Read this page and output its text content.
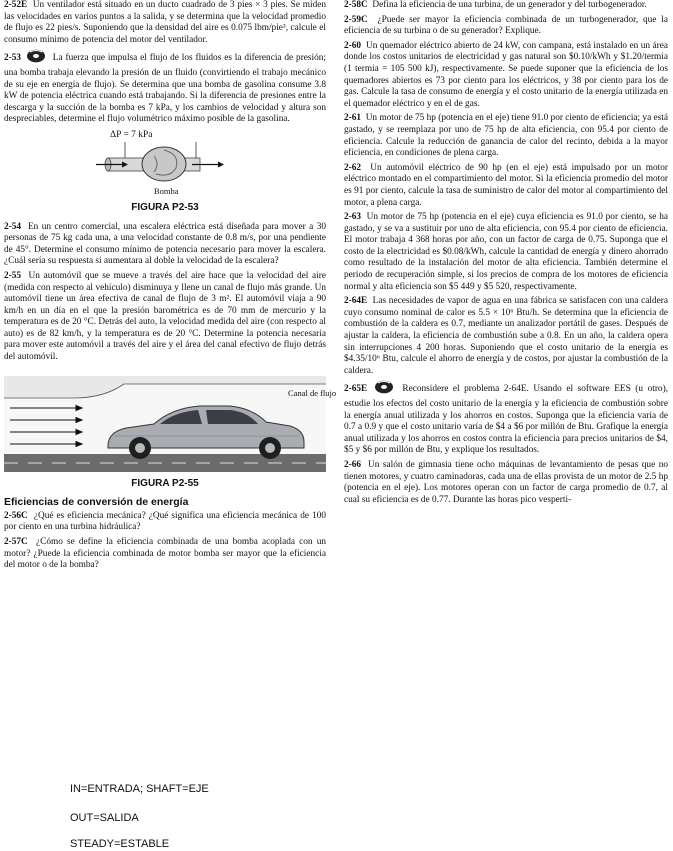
2-52E Un ventilador está situado en un ducto cuadrado de 3 pies × 3 pies. Se miden las velocidades en varios puntos a la salida, y se determina que la velocidad promedio de flujo es 22 pies/s. Suponiendo que la densidad del aire es 0.075 lbm/pie³, calcule el consumo mínimo de potencia del motor del ventilador.

2-53	La fuerza que impulsa el flujo de los fluidos es la diferencia de presión; una bomba trabaja elevando la presión de un fluido (convirtiendo el trabajo mecánico de su eje en energía de flujo). Se determina que una bomba de gasolina consume 3.8 kW de potencia eléctrica cuando está trabajando. Si la diferencia de presiones entre la descarga y la succión de la bomba es 7 kPa, y los cambios de velocidad y altura son despreciables, determine el flujo volumétrico máximo posible de la gasolina.

ΔP = 7 kPa
Bomba
FIGURA P2-53

2-54 En un centro comercial, una escalera eléctrica está diseñada para mover a 30 personas de 75 kg cada una, a una velocidad constante de 0.8 m/s, por una pendiente de 45°. Determine el consumo mínimo de potencia necesario para mover la escalera. ¿Cuál sería su respuesta si aumentara al doble la velocidad de la escalera?

2-55 Un automóvil que se mueve a través del aire hace que la velocidad del aire (medida con respecto al vehículo) disminuya y llene un canal de flujo más grande. Un automóvil tiene un área efectiva de canal de flujo de 3 m². El automóvil viaja a 90 km/h en un día en el que la presión barométrica es de 70 mm de mercurio y la temperatura es de 20 °C. Detrás del auto, la velocidad medida del aire (con respecto al auto) es de 82 km/h, y la temperatura es de 20 °C. Determine la potencia necesaria para mover este automóvil a través del aire y el área del canal efectivo de flujo detrás del automóvil.

Canal de flujo
FIGURA P2-55
Eficiencias de conversión de energía

2-56C ¿Qué es eficiencia mecánica? ¿Qué significa una eficiencia mecánica de 100 por ciento en una turbina hidráulica?

2-57C ¿Cómo se define la eficiencia combinada de una bomba acoplada con un motor? ¿Puede la eficiencia combinada de motor bomba ser mayor que la eficiencia del motor o de la bomba?

2-58C Defina la eficiencia de una turbina, de un generador y del turbogenerador.

2-59C ¿Puede ser mayor la eficiencia combinada de un turbogenerador, que la eficiencia de su turbina o de su generador? Explique.

2-60 Un quemador eléctrico abierto de 24 kW, con campana, está instalado en un área donde los costos unitarios de electricidad y gas natural son $0.10/kWh y $1.20/termia (1 termia = 105 500 kJ), respectivamente. Se puede suponer que la eficiencia de los quemadores abiertos es 73 por ciento para los eléctricos, y 38 por ciento para los de gas. Calcule la tasa de consumo de energía y el costo unitario de la energía utilizada en el quemador eléctrico y en el de gas.

2-61 Un motor de 75 hp (potencia en el eje) tiene 91.0 por ciento de eficiencia; ya está gastado, y se reemplaza por uno de 75 hp de alta eficiencia, con 95.4 por ciento de eficiencia. Calcule la reducción de ganancia de calor del recinto, debida a la mayor eficiencia, en condiciones de plena carga.

2-62 Un automóvil eléctrico de 90 hp (en el eje) está impulsado por un motor eléctrico montado en el compartimiento del motor. Si la eficiencia promedio del motor es 91 por ciento, calcule la tasa de suministro de calor del motor al compartimiento del motor, a plena carga.

2-63 Un motor de 75 hp (potencia en el eje) cuya eficiencia es 91.0 por ciento, se ha gastado, y se va a sustituir por uno de alta eficiencia, con 95.4 por ciento de eficiencia. El motor trabaja 4 368 horas por año, con un factor de carga de 0.75. Suponga que el costo de la electricidad es $0.08/kWh, calcule la cantidad de energía y dinero ahorrado como resultado de la instalación del motor de alta eficiencia. También determine el periodo de recuperación simple, si los precios de compra de los motores de eficiencia normal y alta eficiencia son $5 449 y $5 520, respectivamente.

2-64E Las necesidades de vapor de agua en una fábrica se satisfacen con una caldera cuyo consumo nominal de calor es 5.5 × 10⁶ Btu/h. Se determina que la eficiencia de combustión de la caldera es 0.7, mediante un analizador portátil de gases. Después de ajustar la caldera, la eficiencia de combustión sube a 0.8. En un año, la caldera opera sin interrupciones 4 200 horas. Suponiendo que el costo unitario de la energía es $4.35/10⁶ Btu, calcule el ahorro de energía y de costos, por ajustar la combustión de la caldera.

2-65E	Reconsidere el problema 2-64E. Usando el software EES (u otro), estudie los efectos del costo unitario de la energía y la eficiencia de combustión sobre la energía anual utilizada y los ahorros en costos. Suponga que la eficiencia varía de 0.7 a 0.9 y que el costo unitario varía de $4 a $6 por millón de Btu. Grafique la energía anual utilizada y los ahorros en costos contra la eficiencia para precios unitarios de $4, $5 y $6 por millón de Btu, y explique los resultados.

2-66 Un salón de gimnasia tiene ocho máquinas de levantamiento de pesas que no tienen motores, y cuatro caminadoras, cada una de ellas provista de un motor de 2.5 hp (potencia en el eje). Los motores operan con un factor de carga promedio de 0.7, al cual su eficiencia es de 0.77. Durante las horas pico vesperti-

IN=ENTRADA; SHAFT=EJE
OUT=SALIDA
STEADY=ESTABLE
